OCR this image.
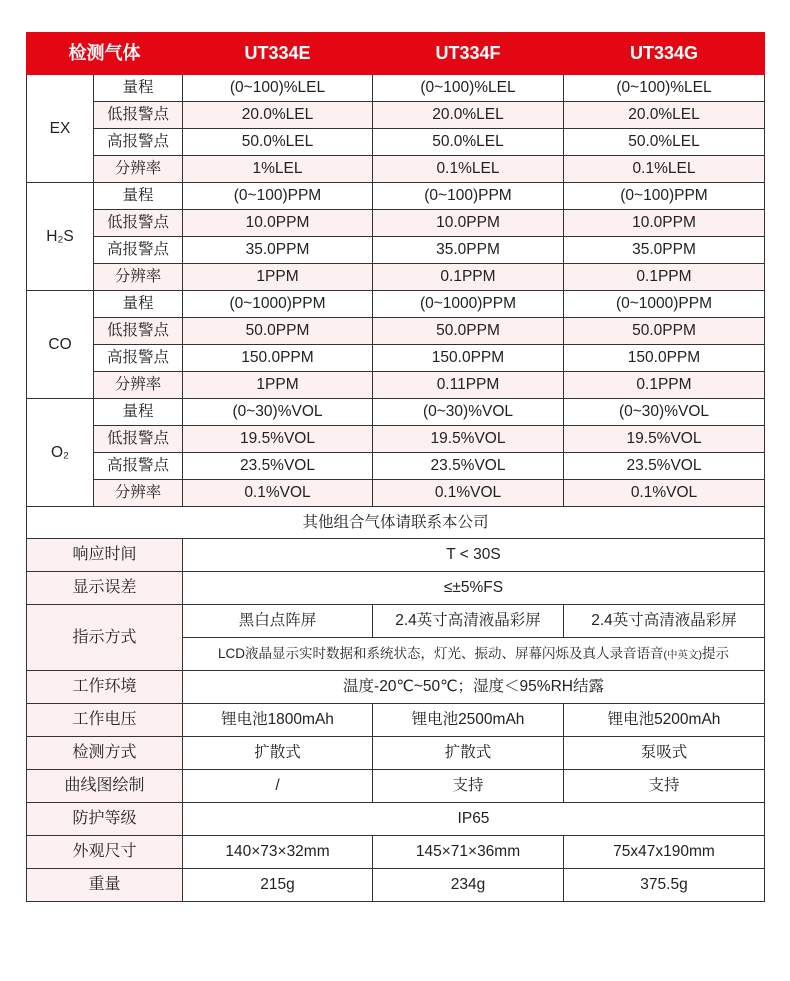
检测气体		UT334E	UT334F	UT334G
EX	量程	(0~100)%LEL	(0~100)%LEL	(0~100)%LEL
	低报警点	20.0%LEL	20.0%LEL	20.0%LEL
	高报警点	50.0%LEL	50.0%LEL	50.0%LEL
	分辨率	1%LEL	0.1%LEL	0.1%LEL
H₂S	量程	(0~100)PPM	(0~100)PPM	(0~100)PPM
	低报警点	10.0PPM	10.0PPM	10.0PPM
	高报警点	35.0PPM	35.0PPM	35.0PPM
	分辨率	1PPM	0.1PPM	0.1PPM
CO	量程	(0~1000)PPM	(0~1000)PPM	(0~1000)PPM
	低报警点	50.0PPM	50.0PPM	50.0PPM
	高报警点	150.0PPM	150.0PPM	150.0PPM
	分辨率	1PPM	0.11PPM	0.1PPM
O₂	量程	(0~30)%VOL	(0~30)%VOL	(0~30)%VOL
	低报警点	19.5%VOL	19.5%VOL	19.5%VOL
	高报警点	23.5%VOL	23.5%VOL	23.5%VOL
	分辨率	0.1%VOL	0.1%VOL	0.1%VOL
其他组合气体请联系本公司				
响应时间		T < 30S		
显示误差		≤±5%FS		
指示方式		黑白点阵屏	2.4英寸高清液晶彩屏	2.4英寸高清液晶彩屏
		LCD液晶显示实时数据和系统状态，灯光、振动、屏幕闪烁及真人录音语音(中英文)提示		
工作环境		温度-20℃~50℃；湿度＜95%RH结露		
工作电压		锂电池1800mAh	锂电池2500mAh	锂电池5200mAh
检测方式		扩散式	扩散式	泵吸式
曲线图绘制		/	支持	支持
防护等级		IP65		
外观尺寸		140×73×32mm	145×71×36mm	75x47x190mm
重量		215g	234g	375.5g
